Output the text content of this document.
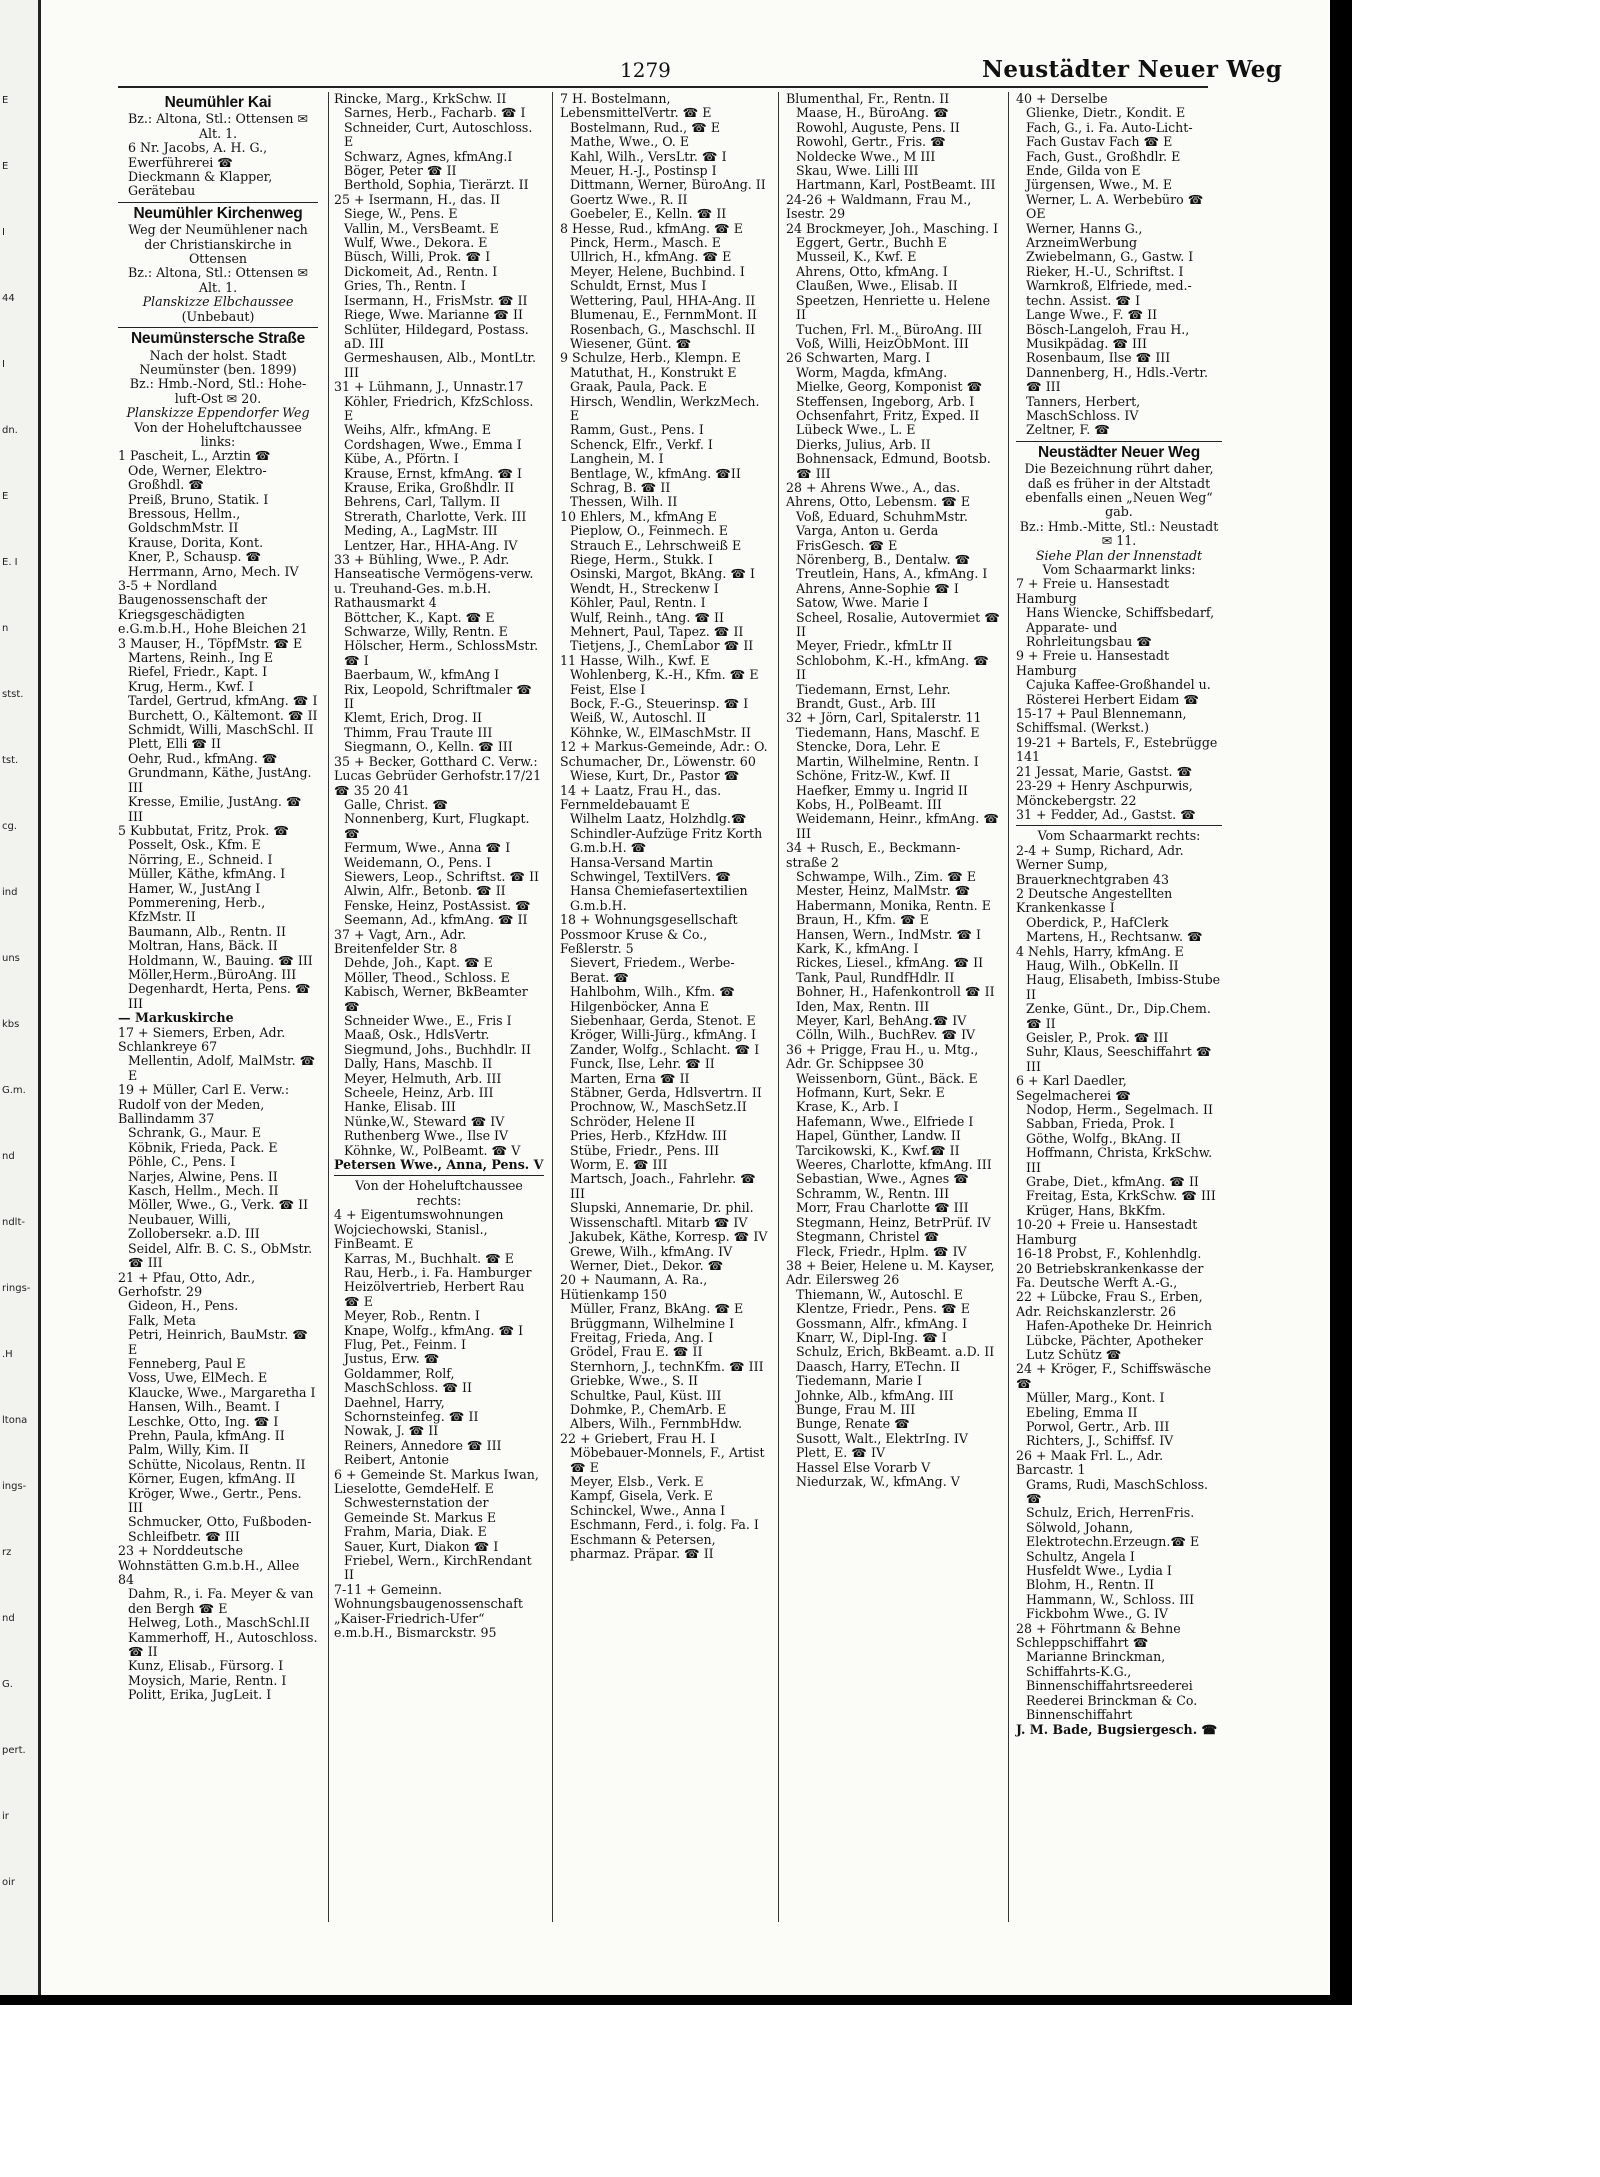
E
E
I
44
I
dn.
E
E. I
n
stst.
tst.
cg.
ind
uns
kbs
G.m.
nd
ndlt-
rings-
.H
ltona
ings-
rz
nd
G.
pert.
ir
oir
1279	Neustädter Neuer Weg
Neumühler Kai
Bz.: Altona, Stl.: Ottensen ✉ Alt. 1.
6 Nr. Jacobs, A. H. G., Ewerführerei ☎
Dieckmann & Klapper, Gerätebau
Neumühler Kirchenweg
Weg der Neumühlener nach der Christianskirche in Ottensen
Bz.: Altona, Stl.: Ottensen ✉ Alt. 1.
Planskizze Elbchaussee
(Unbebaut)
Neumünstersche Straße
Nach der holst. Stadt Neumünster (ben. 1899)
Bz.: Hmb.-Nord, Stl.: Hohe-luft-Ost ✉ 20.
Planskizze Eppendorfer Weg
Von der Hoheluftchaussee links:
1 Pascheit, L., Arztin ☎
Ode, Werner, Elektro-Großhdl. ☎
Preiß, Bruno, Statik. I
Bressous, Hellm., GoldschmMstr. II
Krause, Dorita, Kont.
Kner, P., Schausp. ☎
Herrmann, Arno, Mech. IV
3-5 + Nordland Baugenossenschaft der Kriegsgeschädigten e.G.m.b.H., Hohe Bleichen 21
3 Mauser, H., TöpfMstr. ☎ E
Martens, Reinh., Ing E
Riefel, Friedr., Kapt. I
Krug, Herm., Kwf. I
Tardel, Gertrud, kfmAng. ☎ I
Burchett, O., Kältemont. ☎ II
Schmidt, Willi, MaschSchl. II
Plett, Elli ☎ II
Oehr, Rud., kfmAng. ☎
Grundmann, Käthe, JustAng. III
Kresse, Emilie, JustAng. ☎ III
5 Kubbutat, Fritz, Prok. ☎
Posselt, Osk., Kfm. E
Nörring, E., Schneid. I
Müller, Käthe, kfmAng. I
Hamer, W., JustAng I
Pommerening, Herb., KfzMstr. II
Baumann, Alb., Rentn. II
Moltran, Hans, Bäck. II
Holdmann, W., Bauing. ☎ III
Möller,Herm.,BüroAng. III
Degenhardt, Herta, Pens. ☎ III
— Markuskirche
17 + Siemers, Erben, Adr. Schlankreye 67
Mellentin, Adolf, MalMstr. ☎ E
19 + Müller, Carl E. Verw.: Rudolf von der Meden, Ballindamm 37
Schrank, G., Maur. E
Köbnik, Frieda, Pack. E
Pöhle, C., Pens. I
Narjes, Alwine, Pens. II
Kasch, Hellm., Mech. II
Möller, Wwe., G., Verk. ☎ II
Neubauer, Willi, Zollobersekr. a.D. III
Seidel, Alfr. B. C. S., ObMstr. ☎ III
21 + Pfau, Otto, Adr., Gerhofstr. 29
Gideon, H., Pens.
Falk, Meta
Petri, Heinrich, BauMstr. ☎ E
Fenneberg, Paul E
Voss, Uwe, ElMech. E
Klaucke, Wwe., Margaretha I
Hansen, Wilh., Beamt. I
Leschke, Otto, Ing. ☎ I
Prehn, Paula, kfmAng. II
Palm, Willy, Kim. II
Schütte, Nicolaus, Rentn. II
Körner, Eugen, kfmAng. II
Kröger, Wwe., Gertr., Pens. III
Schmucker, Otto, Fußboden-Schleifbetr. ☎ III
23 + Norddeutsche Wohnstätten G.m.b.H., Allee 84
Dahm, R., i. Fa. Meyer & van den Bergh ☎ E
Helweg, Loth., MaschSchl.II
Kammerhoff, H., Autoschloss. ☎ II
Kunz, Elisab., Fürsorg. I
Moysich, Marie, Rentn. I
Politt, Erika, JugLeit. I
Rincke, Marg., KrkSchw. II
Sarnes, Herb., Facharb. ☎ I
Schneider, Curt, Autoschloss. E
Schwarz, Agnes, kfmAng.I
Böger, Peter ☎ II
Berthold, Sophia, Tierärzt. II
25 + Isermann, H., das. II
Siege, W., Pens. E
Vallin, M., VersBeamt. E
Wulf, Wwe., Dekora. E
Büsch, Willi, Prok. ☎ I
Dickomeit, Ad., Rentn. I
Gries, Th., Rentn. I
Isermann, H., FrisMstr. ☎ II
Riege, Wwe. Marianne ☎ II
Schlüter, Hildegard, Postass. aD. III
Germeshausen, Alb., MontLtr. III
31 + Lühmann, J., Unnastr.17
Köhler, Friedrich, KfzSchloss. E
Weihs, Alfr., kfmAng. E
Cordshagen, Wwe., Emma I
Kübe, A., Pförtn. I
Krause, Ernst, kfmAng. ☎ I
Krause, Erika, Großhdlr. II
Behrens, Carl, Tallym. II
Strerath, Charlotte, Verk. III
Meding, A., LagMstr. III
Lentzer, Har., HHA-Ang. IV
33 + Bühling, Wwe., P. Adr. Hanseatische Vermögens-verw. u. Treuhand-Ges. m.b.H. Rathausmarkt 4
Böttcher, K., Kapt. ☎ E
Schwarze, Willy, Rentn. E
Hölscher, Herm., SchlossMstr. ☎ I
Baerbaum, W., kfmAng I
Rix, Leopold, Schriftmaler ☎ II
Klemt, Erich, Drog. II
Thimm, Frau Traute III
Siegmann, O., Kelln. ☎ III
35 + Becker, Gotthard C. Verw.: Lucas Gebrüder Gerhofstr.17/21 ☎ 35 20 41
Galle, Christ. ☎
Nonnenberg, Kurt, Flugkapt. ☎
Fermum, Wwe., Anna ☎ I
Weidemann, O., Pens. I
Siewers, Leop., Schriftst. ☎ II
Alwin, Alfr., Betonb. ☎ II
Fenske, Heinz, PostAssist. ☎
Seemann, Ad., kfmAng. ☎ II
37 + Vagt, Arn., Adr. Breitenfelder Str. 8
Dehde, Joh., Kapt. ☎ E
Möller, Theod., Schloss. E
Kabisch, Werner, BkBeamter ☎
Schneider Wwe., E., Fris I
Maaß, Osk., HdlsVertr.
Siegmund, Johs., Buchhdlr. II
Dally, Hans, Maschb. II
Meyer, Helmuth, Arb. III
Scheele, Heinz, Arb. III
Hanke, Elisab. III
Nünke,W., Steward ☎ IV
Ruthenberg Wwe., Ilse IV
Köhnke, W., PolBeamt. ☎ V
Petersen Wwe., Anna, Pens. V
Von der Hoheluftchaussee rechts:
4 + Eigentumswohnungen Wojciechowski, Stanisl., FinBeamt. E
Karras, M., Buchhalt. ☎ E
Rau, Herb., i. Fa. Hamburger Heizölvertrieb, Herbert Rau ☎ E
Meyer, Rob., Rentn. I
Knape, Wolfg., kfmAng. ☎ I
Flug, Pet., Feinm. I
Justus, Erw. ☎
Goldammer, Rolf, MaschSchloss. ☎ II
Daehnel, Harry, Schornsteinfeg. ☎ II
Nowak, J. ☎ II
Reiners, Annedore ☎ III
Reibert, Antonie
6 + Gemeinde St. Markus Iwan, Lieselotte, GemdeHelf. E
Schwesternstation der Gemeinde St. Markus E
Frahm, Maria, Diak. E
Sauer, Kurt, Diakon ☎ I
Friebel, Wern., KirchRendant II
7-11 + Gemeinn. Wohnungsbaugenossenschaft „Kaiser-Friedrich-Ufer“ e.m.b.H., Bismarckstr. 95
7 H. Bostelmann, LebensmittelVertr. ☎ E
Bostelmann, Rud., ☎ E
Mathe, Wwe., O. E
Kahl, Wilh., VersLtr. ☎ I
Meuer, H.-J., Postinsp I
Dittmann, Werner, BüroAng. II
Goertz Wwe., R. II
Goebeler, E., Kelln. ☎ II
8 Hesse, Rud., kfmAng. ☎ E
Pinck, Herm., Masch. E
Ullrich, H., kfmAng. ☎ E
Meyer, Helene, Buchbind. I
Schuldt, Ernst, Mus I
Wettering, Paul, HHA-Ang. II
Blumenau, E., FernmMont. II
Rosenbach, G., Maschschl. II
Wiesener, Günt. ☎
9 Schulze, Herb., Klempn. E
Matuthat, H., Konstrukt E
Graak, Paula, Pack. E
Hirsch, Wendlin, WerkzMech. E
Ramm, Gust., Pens. I
Schenck, Elfr., Verkf. I
Langhein, M. I
Bentlage, W., kfmAng. ☎II
Schrag, B. ☎ II
Thessen, Wilh. II
10 Ehlers, M., kfmAng E
Pieplow, O., Feinmech. E
Strauch E., Lehrschweiß E
Riege, Herm., Stukk. I
Osinski, Margot, BkAng. ☎ I
Wendt, H., Streckenw I
Köhler, Paul, Rentn. I
Wulf, Reinh., tAng. ☎ II
Mehnert, Paul, Tapez. ☎ II
Tietjens, J., ChemLabor ☎ II
11 Hasse, Wilh., Kwf. E
Wohlenberg, K.-H., Kfm. ☎ E
Feist, Else I
Bock, F.-G., Steuerinsp. ☎ I
Weiß, W., Autoschl. II
Köhnke, W., ElMaschMstr. II
12 + Markus-Gemeinde, Adr.: O. Schumacher, Dr., Löwenstr. 60
Wiese, Kurt, Dr., Pastor ☎
14 + Laatz, Frau H., das. Fernmeldebauamt E
Wilhelm Laatz, Holzhdlg.☎
Schindler-Aufzüge Fritz Korth G.m.b.H. ☎
Hansa-Versand Martin Schwingel, TextilVers. ☎
Hansa Chemiefasertextilien G.m.b.H.
18 + Wohnungsgesellschaft Possmoor Kruse & Co., Feßlerstr. 5
Sievert, Friedem., Werbe-Berat. ☎
Hahlbohm, Wilh., Kfm. ☎
Hilgenböcker, Anna E
Siebenhaar, Gerda, Stenot. E
Kröger, Willi-Jürg., kfmAng. I
Zander, Wolfg., Schlacht. ☎ I
Funck, Ilse, Lehr. ☎ II
Marten, Erna ☎ II
Stäbner, Gerda, Hdlsvertrn. II
Prochnow, W., MaschSetz.II
Schröder, Helene II
Pries, Herb., KfzHdw. III
Stübe, Friedr., Pens. III
Worm, E. ☎ III
Martsch, Joach., Fahrlehr. ☎ III
Slupski, Annemarie, Dr. phil. Wissenschaftl. Mitarb ☎ IV
Jakubek, Käthe, Korresp. ☎ IV
Grewe, Wilh., kfmAng. IV
Werner, Diet., Dekor. ☎
20 + Naumann, A. Ra., Hütienkamp 150
Müller, Franz, BkAng. ☎ E
Brüggmann, Wilhelmine I
Freitag, Frieda, Ang. I
Grödel, Frau E. ☎ II
Sternhorn, J., technKfm. ☎ III
Griebke, Wwe., S. II
Schultke, Paul, Küst. III
Dohmke, P., ChemArb. E
Albers, Wilh., FernmbHdw.
22 + Griebert, Frau H. I
Möbebauer-Monnels, F., Artist ☎ E
Meyer, Elsb., Verk. E
Kampf, Gisela, Verk. E
Schinckel, Wwe., Anna I
Eschmann, Ferd., i. folg. Fa. I
Eschmann & Petersen, pharmaz. Präpar. ☎ II
Blumenthal, Fr., Rentn. II
Maase, H., BüroAng. ☎
Rowohl, Auguste, Pens. II
Rowohl, Gertr., Fris. ☎
Noldecke Wwe., M III
Skau, Wwe. Lilli III
Hartmann, Karl, PostBeamt. III
24-26 + Waldmann, Frau M., Isestr. 29
24 Brockmeyer, Joh., Masching. I
Eggert, Gertr., Buchh E
Musseil, K., Kwf. E
Ahrens, Otto, kfmAng. I
Claußen, Wwe., Elisab. II
Speetzen, Henriette u. Helene II
Tuchen, Frl. M., BüroAng. III
Voß, Willi, HeizÖbMont. III
26 Schwarten, Marg. I
Worm, Magda, kfmAng.
Mielke, Georg, Komponist ☎
Steffensen, Ingeborg, Arb. I
Ochsenfahrt, Fritz, Exped. II
Lübeck Wwe., L. E
Dierks, Julius, Arb. II
Bohnensack, Edmund, Bootsb. ☎ III
28 + Ahrens Wwe., A., das. Ahrens, Otto, Lebensm. ☎ E
Voß, Eduard, SchuhmMstr.
Varga, Anton u. Gerda FrisGesch. ☎ E
Nörenberg, B., Dentalw. ☎
Treutlein, Hans, A., kfmAng. I
Ahrens, Anne-Sophie ☎ I
Satow, Wwe. Marie I
Scheel, Rosalie, Autovermiet ☎ II
Meyer, Friedr., kfmLtr II
Schlobohm, K.-H., kfmAng. ☎ II
Tiedemann, Ernst, Lehr.
Brandt, Gust., Arb. III
32 + Jörn, Carl, Spitalerstr. 11
Tiedemann, Hans, Maschf. E
Stencke, Dora, Lehr. E
Martin, Wilhelmine, Rentn. I
Schöne, Fritz-W., Kwf. II
Haefker, Emmy u. Ingrid II
Kobs, H., PolBeamt. III
Weidemann, Heinr., kfmAng. ☎ III
34 + Rusch, E., Beckmann-straße 2
Schwampe, Wilh., Zim. ☎ E
Mester, Heinz, MalMstr. ☎
Habermann, Monika, Rentn. E
Braun, H., Kfm. ☎ E
Hansen, Wern., IndMstr. ☎ I
Kark, K., kfmAng. I
Rickes, Liesel., kfmAng. ☎ II
Tank, Paul, RundfHdlr. II
Bohner, H., Hafenkontroll ☎ II
Iden, Max, Rentn. III
Meyer, Karl, BehAng.☎ IV
Cölln, Wilh., BuchRev. ☎ IV
36 + Prigge, Frau H., u. Mtg., Adr. Gr. Schippsee 30
Weissenborn, Günt., Bäck. E
Hofmann, Kurt, Sekr. E
Krase, K., Arb. I
Hafemann, Wwe., Elfriede I
Hapel, Günther, Landw. II
Tarcikowski, K., Kwf.☎ II
Weeres, Charlotte, kfmAng. III
Sebastian, Wwe., Agnes ☎
Schramm, W., Rentn. III
Morr, Frau Charlotte ☎ III
Stegmann, Heinz, BetrPrüf. IV
Stegmann, Christel ☎
Fleck, Friedr., Hplm. ☎ IV
38 + Beier, Helene u. M. Kayser, Adr. Eilersweg 26
Thiemann, W., Autoschl. E
Klentze, Friedr., Pens. ☎ E
Gossmann, Alfr., kfmAng. I
Knarr, W., Dipl-Ing. ☎ I
Schulz, Erich, BkBeamt. a.D. II
Daasch, Harry, ETechn. II
Tiedemann, Marie I
Johnke, Alb., kfmAng. III
Bunge, Frau M. III
Bunge, Renate ☎
Susott, Walt., ElektrIng. IV
Plett, E. ☎ IV
Hassel Else Vorarb V
Niedurzak, W., kfmAng. V
40 + Derselbe
Glienke, Dietr., Kondit. E
Fach, G., i. Fa. Auto-Licht-Fach Gustav Fach ☎ E
Fach, Gust., Großhdlr. E
Ende, Gilda von E
Jürgensen, Wwe., M. E
Werner, L. A. Werbebüro ☎ OE
Werner, Hanns G., ArzneimWerbung
Zwiebelmann, G., Gastw. I
Rieker, H.-U., Schriftst. I
Warnkroß, Elfriede, med.-techn. Assist. ☎ I
Lange Wwe., F. ☎ II
Bösch-Langeloh, Frau H., Musikpädag. ☎ III
Rosenbaum, Ilse ☎ III
Dannenberg, H., Hdls.-Vertr. ☎ III
Tanners, Herbert, MaschSchloss. IV
Zeltner, F. ☎
Neustädter Neuer Weg
Die Bezeichnung rührt daher, daß es früher in der Altstadt ebenfalls einen „Neuen Weg“ gab.
Bz.: Hmb.-Mitte, Stl.: Neustadt ✉ 11.
Siehe Plan der Innenstadt
Vom Schaarmarkt links:
7 + Freie u. Hansestadt Hamburg
Hans Wiencke, Schiffsbedarf, Apparate- und Rohrleitungsbau ☎
9 + Freie u. Hansestadt Hamburg
Cajuka Kaffee-Großhandel u. Rösterei Herbert Eidam ☎
15-17 + Paul Blennemann, Schiffsmal. (Werkst.)
19-21 + Bartels, F., Estebrügge 141
21 Jessat, Marie, Gastst. ☎
23-29 + Henry Aschpurwis, Mönckebergstr. 22
31 + Fedder, Ad., Gastst. ☎
Vom Schaarmarkt rechts:
2-4 + Sump, Richard, Adr. Werner Sump, Brauerknechtgraben 43
2 Deutsche Angestellten Krankenkasse I
Oberdick, P., HafClerk
Martens, H., Rechtsanw. ☎
4 Nehls, Harry, kfmAng. E
Haug, Wilh., ObKelln. II
Haug, Elisabeth, Imbiss-Stube II
Zenke, Günt., Dr., Dip.Chem. ☎ II
Geisler, P., Prok. ☎ III
Suhr, Klaus, Seeschiffahrt ☎ III
6 + Karl Daedler, Segelmacherei ☎
Nodop, Herm., Segelmach. II
Sabban, Frieda, Prok. I
Göthe, Wolfg., BkAng. II
Hoffmann, Christa, KrkSchw. III
Grabe, Diet., kfmAng. ☎ II
Freitag, Esta, KrkSchw. ☎ III
Krüger, Hans, BkKfm.
10-20 + Freie u. Hansestadt Hamburg
16-18 Probst, F., Kohlenhdlg.
20 Betriebskrankenkasse der Fa. Deutsche Werft A.-G.,
22 + Lübcke, Frau S., Erben, Adr. Reichskanzlerstr. 26
Hafen-Apotheke Dr. Heinrich Lübcke, Pächter, Apotheker Lutz Schütz ☎
24 + Kröger, F., Schiffswäsche ☎
Müller, Marg., Kont. I
Ebeling, Emma II
Porwol, Gertr., Arb. III
Richters, J., Schiffsf. IV
26 + Maak Frl. L., Adr. Barcastr. 1
Grams, Rudi, MaschSchloss. ☎
Schulz, Erich, HerrenFris.
Sölwold, Johann, Elektrotechn.Erzeugn.☎ E
Schultz, Angela I
Husfeldt Wwe., Lydia I
Blohm, H., Rentn. II
Hammann, W., Schloss. III
Fickbohm Wwe., G. IV
28 + Föhrtmann & Behne Schleppschiffahrt ☎
Marianne Brinckman, Schiffahrts-K.G., Binnenschiffahrtsreederei
Reederei Brinckman & Co. Binnenschiffahrt
J. M. Bade, Bugsiergesch. ☎
